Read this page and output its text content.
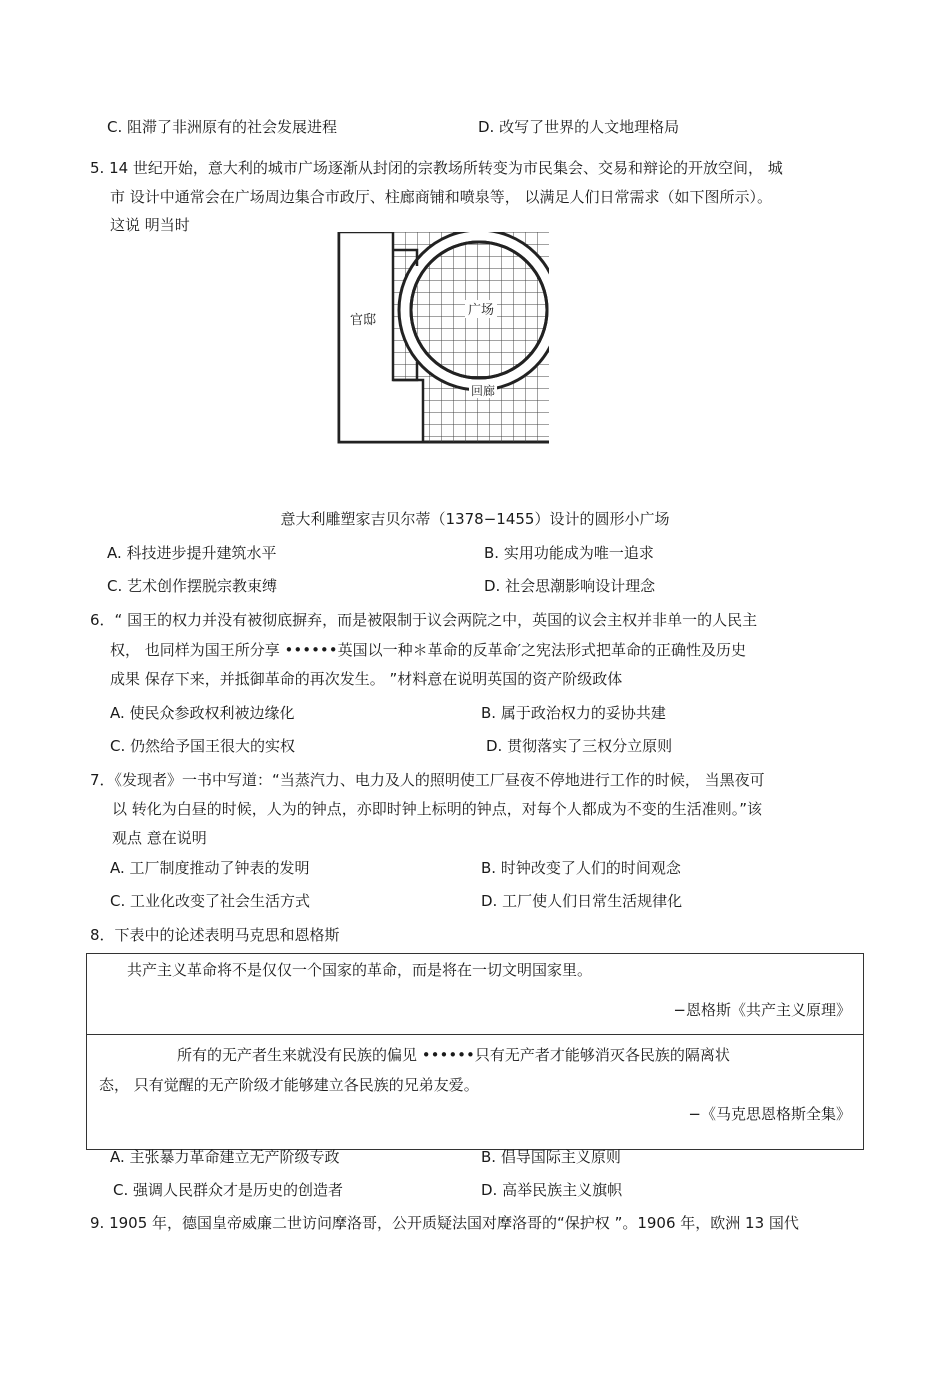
C. 阻滞了非洲原有的社会发展进程	D. 改写了世界的人文地理格局
5. 14 世纪开始，意大利的城市广场逐渐从封闭的宗教场所转变为市民集会、交易和辩论的开放空间， 城
市 设计中通常会在广场周边集合市政厅、柱廊商铺和喷泉等， 以满足人们日常需求（如下图所示）。
这说 明当时
官邸
广场
回廊
意大利雕塑家吉贝尔蒂（1378−1455）设计的圆形小广场
A. 科技进步提升建筑水平	B. 实用功能成为唯一追求
C. 艺术创作摆脱宗教束缚	D. 社会思潮影响设计理念
6．“ 国王的权力并没有被彻底摒弃，而是被限制于议会两院之中，英国的议会主权并非单一的人民主
权， 也同样为国王所分享 ••••••英国以一种＊革命的反革命′之宪法形式把革命的正确性及历史
成果 保存下来，并抵御革命的再次发生。 ”材料意在说明英国的资产阶级政体
A. 使民众参政权利被边缘化	B. 属于政治权力的妥协共建
C. 仍然给予国王很大的实权	D. 贯彻落实了三权分立原则
7．《发现者》一书中写道：“当蒸汽力、电力及人的照明使工厂昼夜不停地进行工作的时候， 当黑夜可
以 转化为白昼的时候，人为的钟点，亦即时钟上标明的钟点，对每个人都成为不变的生活准则。”该
观点 意在说明
A. 工厂制度推动了钟表的发明	B. 时钟改变了人们的时间观念
C. 工业化改变了社会生活方式	D. 工厂使人们日常生活规律化
8．下表中的论述表明马克思和恩格斯
共产主义革命将不是仅仅一个国家的革命，而是将在一切文明国家里。
−恩格斯《共产主义原理》

所有的无产者生来就没有民族的偏见 ••••••只有无产者才能够消灭各民族的隔离状
态， 只有觉醒的无产阶级才能够建立各民族的兄弟友爱。
−《马克思恩格斯全集》
A. 主张暴力革命建立无产阶级专政	B. 倡导国际主义原则
C. 强调人民群众才是历史的创造者	D. 高举民族主义旗帜
9. 1905 年，德国皇帝威廉二世访问摩洛哥，公开质疑法国对摩洛哥的“保护权 ”。1906 年，欧洲 13 国代
